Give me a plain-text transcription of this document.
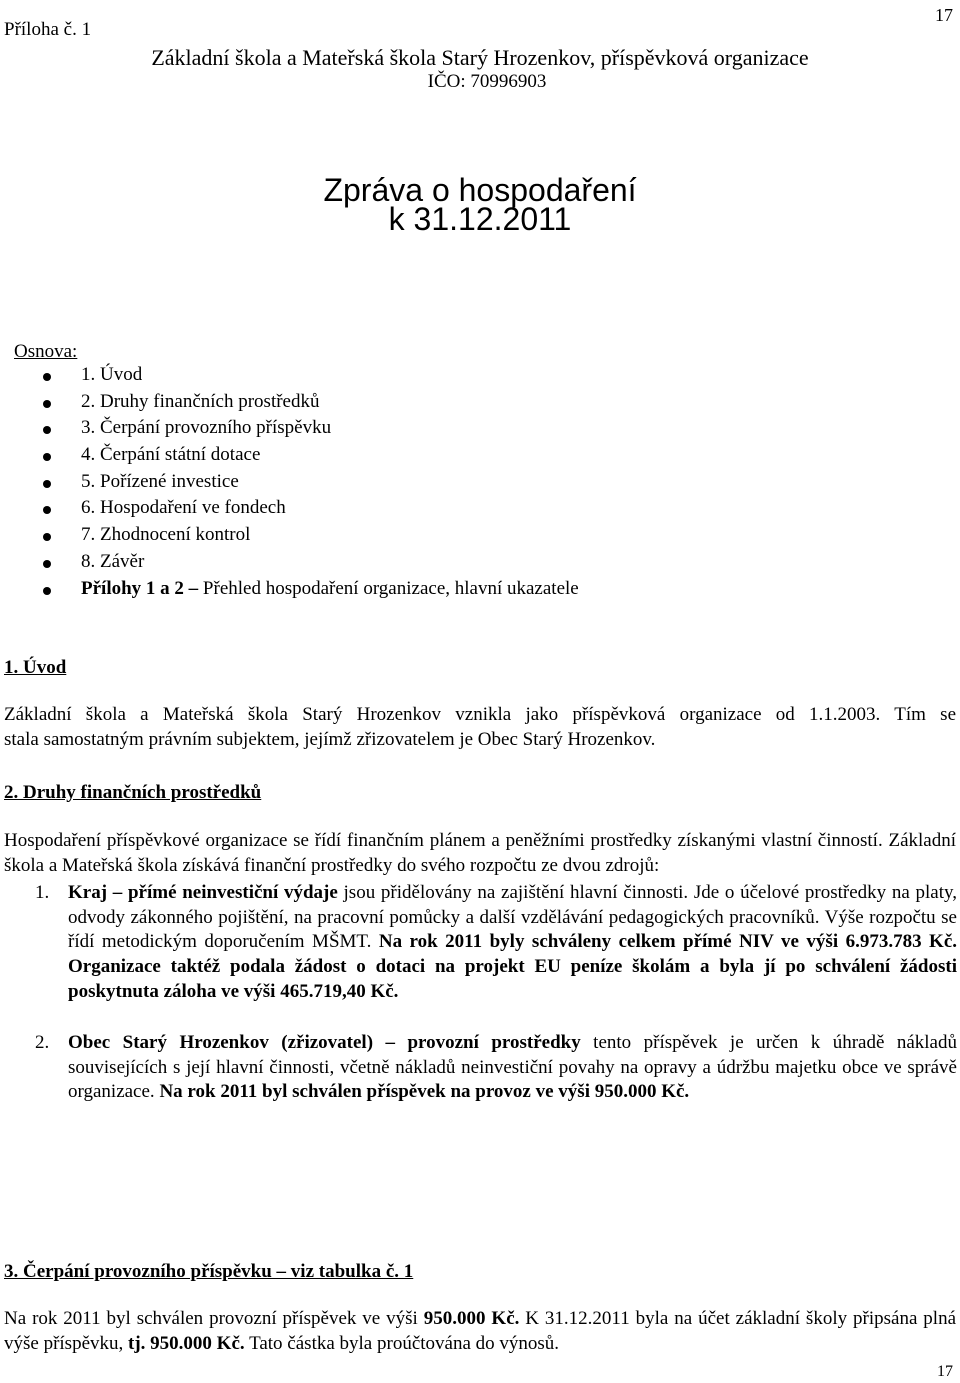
17
Příloha č. 1
Základní škola a Mateřská škola Starý Hrozenkov, příspěvková organizace
IČO: 70996903
Zpráva o hospodaření
k 31.12.2011
Osnova:
1. Úvod
2. Druhy finančních prostředků
3. Čerpání provozního příspěvku
4. Čerpání státní dotace
5. Pořízené investice
6. Hospodaření ve fondech
7. Zhodnocení kontrol
8. Závěr
Přílohy 1 a 2 – Přehled hospodaření organizace, hlavní ukazatele
1. Úvod
Základní škola a Mateřská škola Starý Hrozenkov vznikla jako příspěvková organizace od 1.1.2003. Tím se
stala samostatným právním subjektem, jejímž zřizovatelem je Obec Starý Hrozenkov.
2. Druhy finančních prostředků
Hospodaření příspěvkové organizace se řídí finančním plánem a peněžními prostředky získanými vlastní činností. Základní škola a Mateřská škola získává finanční prostředky do svého rozpočtu ze dvou zdrojů:
1. Kraj – přímé neinvestiční výdaje jsou přidělovány na zajištění hlavní činnosti. Jde o účelové prostředky na platy, odvody zákonného pojištění, na pracovní pomůcky a další vzdělávání pedagogických pracovníků. Výše rozpočtu se řídí metodickým doporučením MŠMT. Na rok 2011 byly schváleny celkem přímé NIV ve výši 6.973.783 Kč. Organizace taktéž podala žádost o dotaci na projekt EU peníze školám a byla jí po schválení žádosti poskytnuta záloha ve výši 465.719,40 Kč.
2. Obec Starý Hrozenkov (zřizovatel) – provozní prostředky tento příspěvek je určen k úhradě nákladů souvisejících s její hlavní činnosti, včetně nákladů neinvestiční povahy na opravy a údržbu majetku obce ve správě organizace. Na rok 2011 byl schválen příspěvek na provoz ve výši 950.000 Kč.
3. Čerpání provozního příspěvku – viz tabulka č. 1
Na rok 2011 byl schválen provozní příspěvek ve výši 950.000 Kč. K 31.12.2011 byla na účet základní školy připsána plná výše příspěvku, tj. 950.000 Kč. Tato částka byla proúčtována do výnosů.
17
